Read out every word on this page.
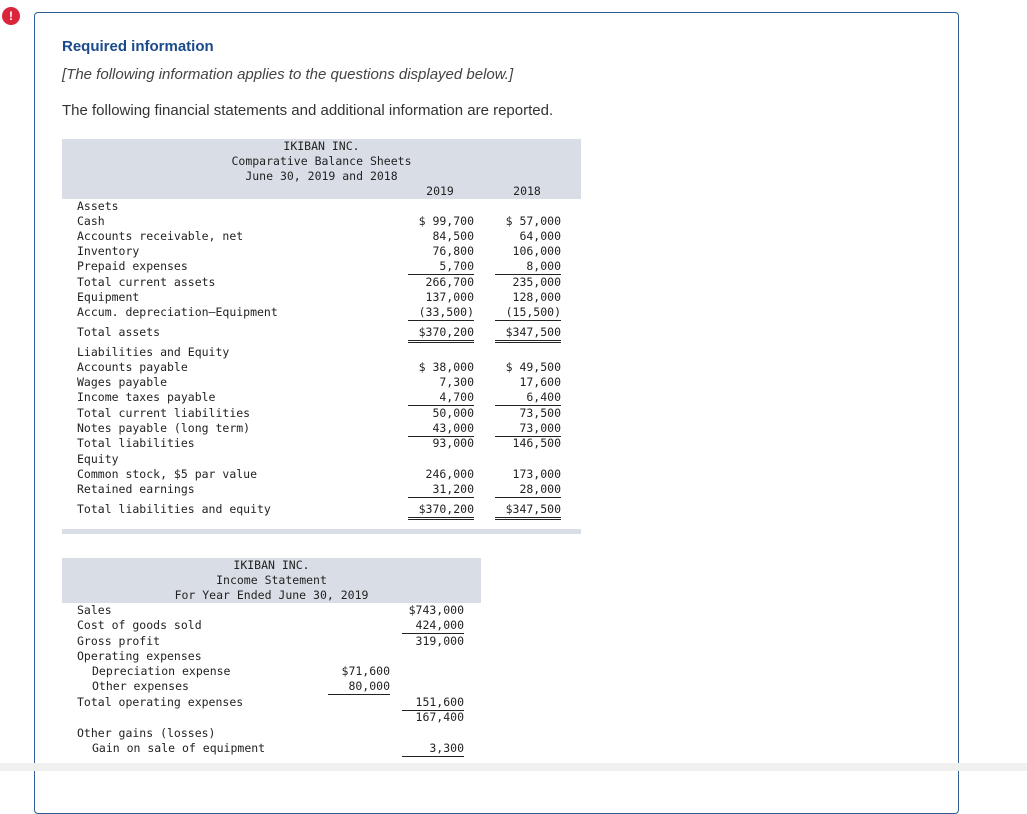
!
Required information
[The following information applies to the questions displayed below.]
The following financial statements and additional information are reported.
IKIBAN INC.
Comparative Balance Sheets
June 30, 2019 and 2018
2019	2018
Assets
Cash	$ 99,700	$ 57,000
Accounts receivable, net	84,500	64,000
Inventory	76,800	106,000
Prepaid expenses	5,700	8,000
Total current assets	266,700	235,000
Equipment	137,000	128,000
Accum. depreciation—Equipment	(33,500)	(15,500)
Total assets	$370,200	$347,500
Liabilities and Equity
Accounts payable	$ 38,000	$ 49,500
Wages payable	7,300	17,600
Income taxes payable	4,700	6,400
Total current liabilities	50,000	73,500
Notes payable (long term)	43,000	73,000
Total liabilities	93,000	146,500
Equity
Common stock, $5 par value	246,000	173,000
Retained earnings	31,200	28,000
Total liabilities and equity	$370,200	$347,500
IKIBAN INC.
Income Statement
For Year Ended June 30, 2019
Sales	$743,000
Cost of goods sold	424,000
Gross profit	319,000
Operating expenses
Depreciation expense	$71,600
Other expenses	80,000
Total operating expenses	151,600
167,400
Other gains (losses)
Gain on sale of equipment	3,300
